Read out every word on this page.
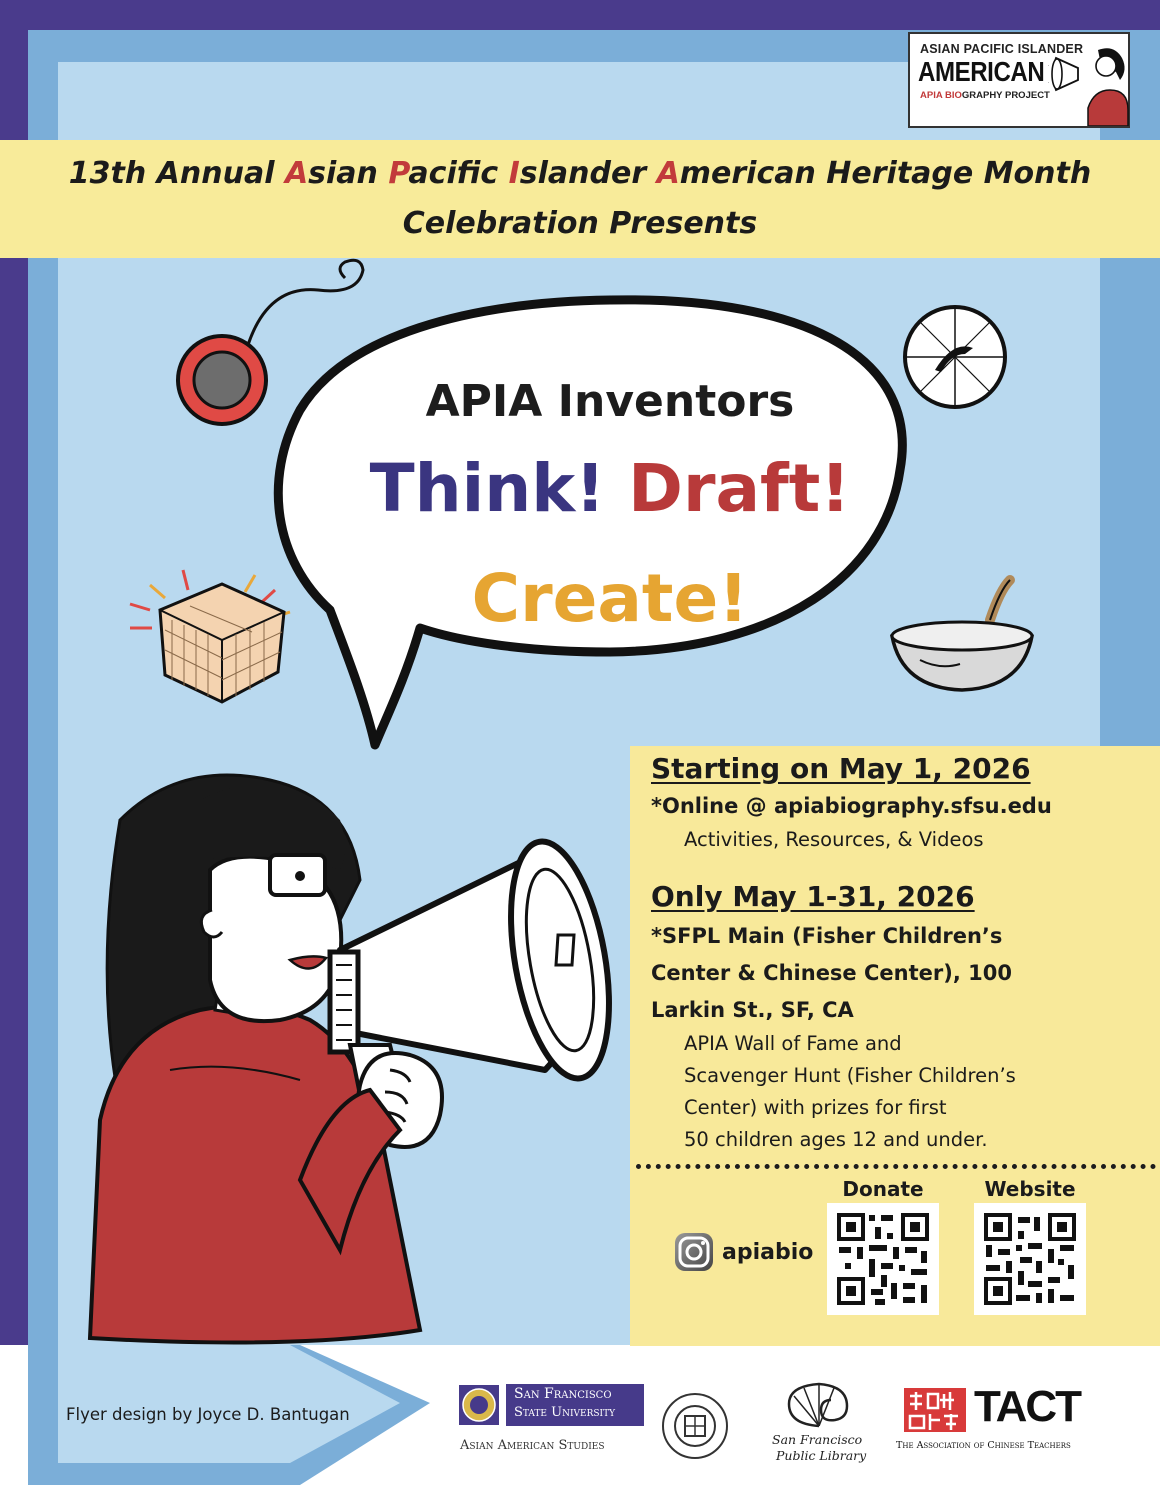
ASIAN PACIFIC ISLANDER
AMERICAN
APIA BIOGRAPHY PROJECT
13th Annual Asian Pacific Islander American Heritage Month
Celebration Presents
APIA Inventors
Think! Draft!
Create!
Starting on May 1, 2026
*Online @ apiabiography.sfsu.edu
Activities, Resources, & Videos
Only May 1-31, 2026
*SFPL Main (Fisher Children’s
Center & Chinese Center), 100
Larkin St., SF, CA
APIA Wall of Fame and
Scavenger Hunt (Fisher Children’s
Center) with prizes for first
50 children ages 12 and under.
apiabio
Donate	Website
Flyer design by Joyce D. Bantugan
San Francisco
State University
Asian American Studies	San Francisco
Public Library
TACT
The Association of Chinese Teachers
